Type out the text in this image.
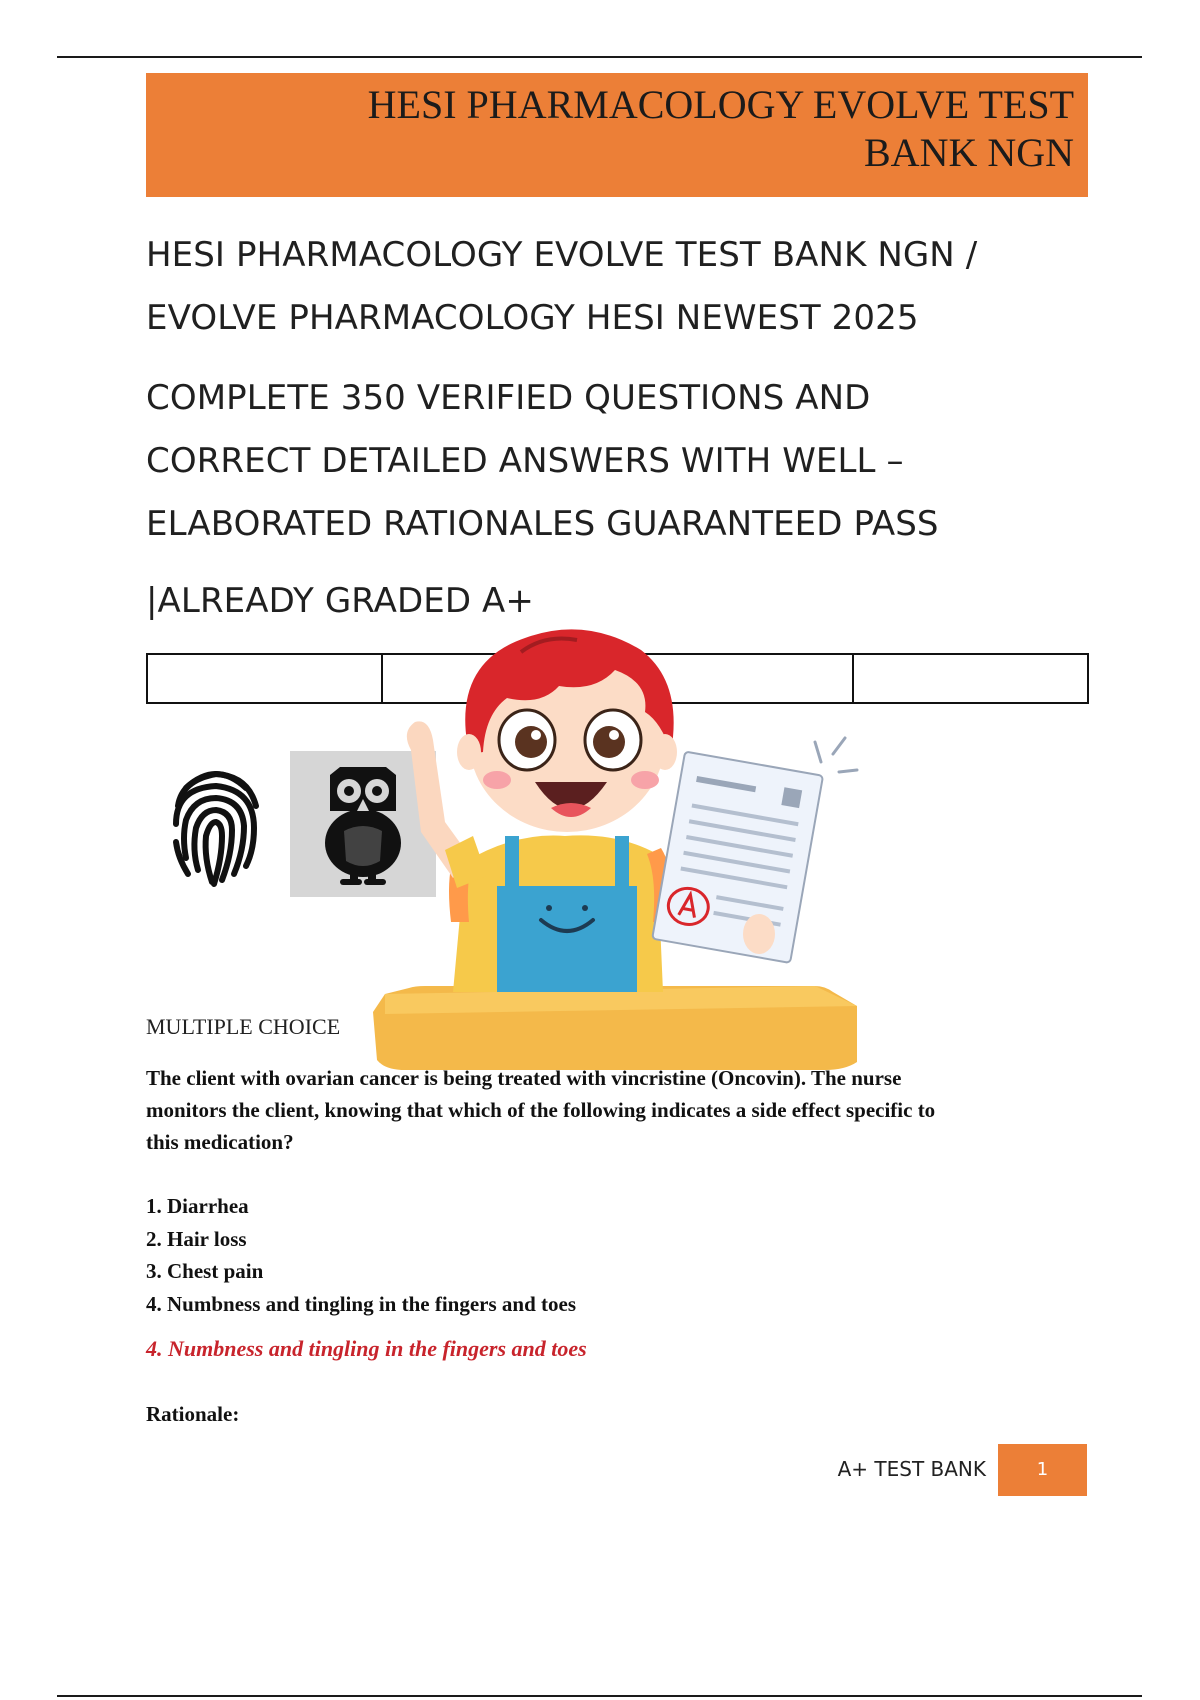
HESI PHARMACOLOGY EVOLVE TEST
BANK NGN
HESI PHARMACOLOGY EVOLVE TEST BANK NGN /
EVOLVE PHARMACOLOGY HESI NEWEST 2025
COMPLETE 350 VERIFIED QUESTIONS AND
CORRECT DETAILED ANSWERS WITH WELL –
ELABORATED RATIONALES GUARANTEED PASS
|ALREADY GRADED A+

MULTIPLE CHOICE
The client with ovarian cancer is being treated with vincristine (Oncovin). The nurse
monitors the client, knowing that which of the following indicates a side effect specific to
this medication?
1. Diarrhea
2. Hair loss
3. Chest pain
4. Numbness and tingling in the fingers and toes
4. Numbness and tingling in the fingers and toes
Rationale:
A+ TEST BANK	1
